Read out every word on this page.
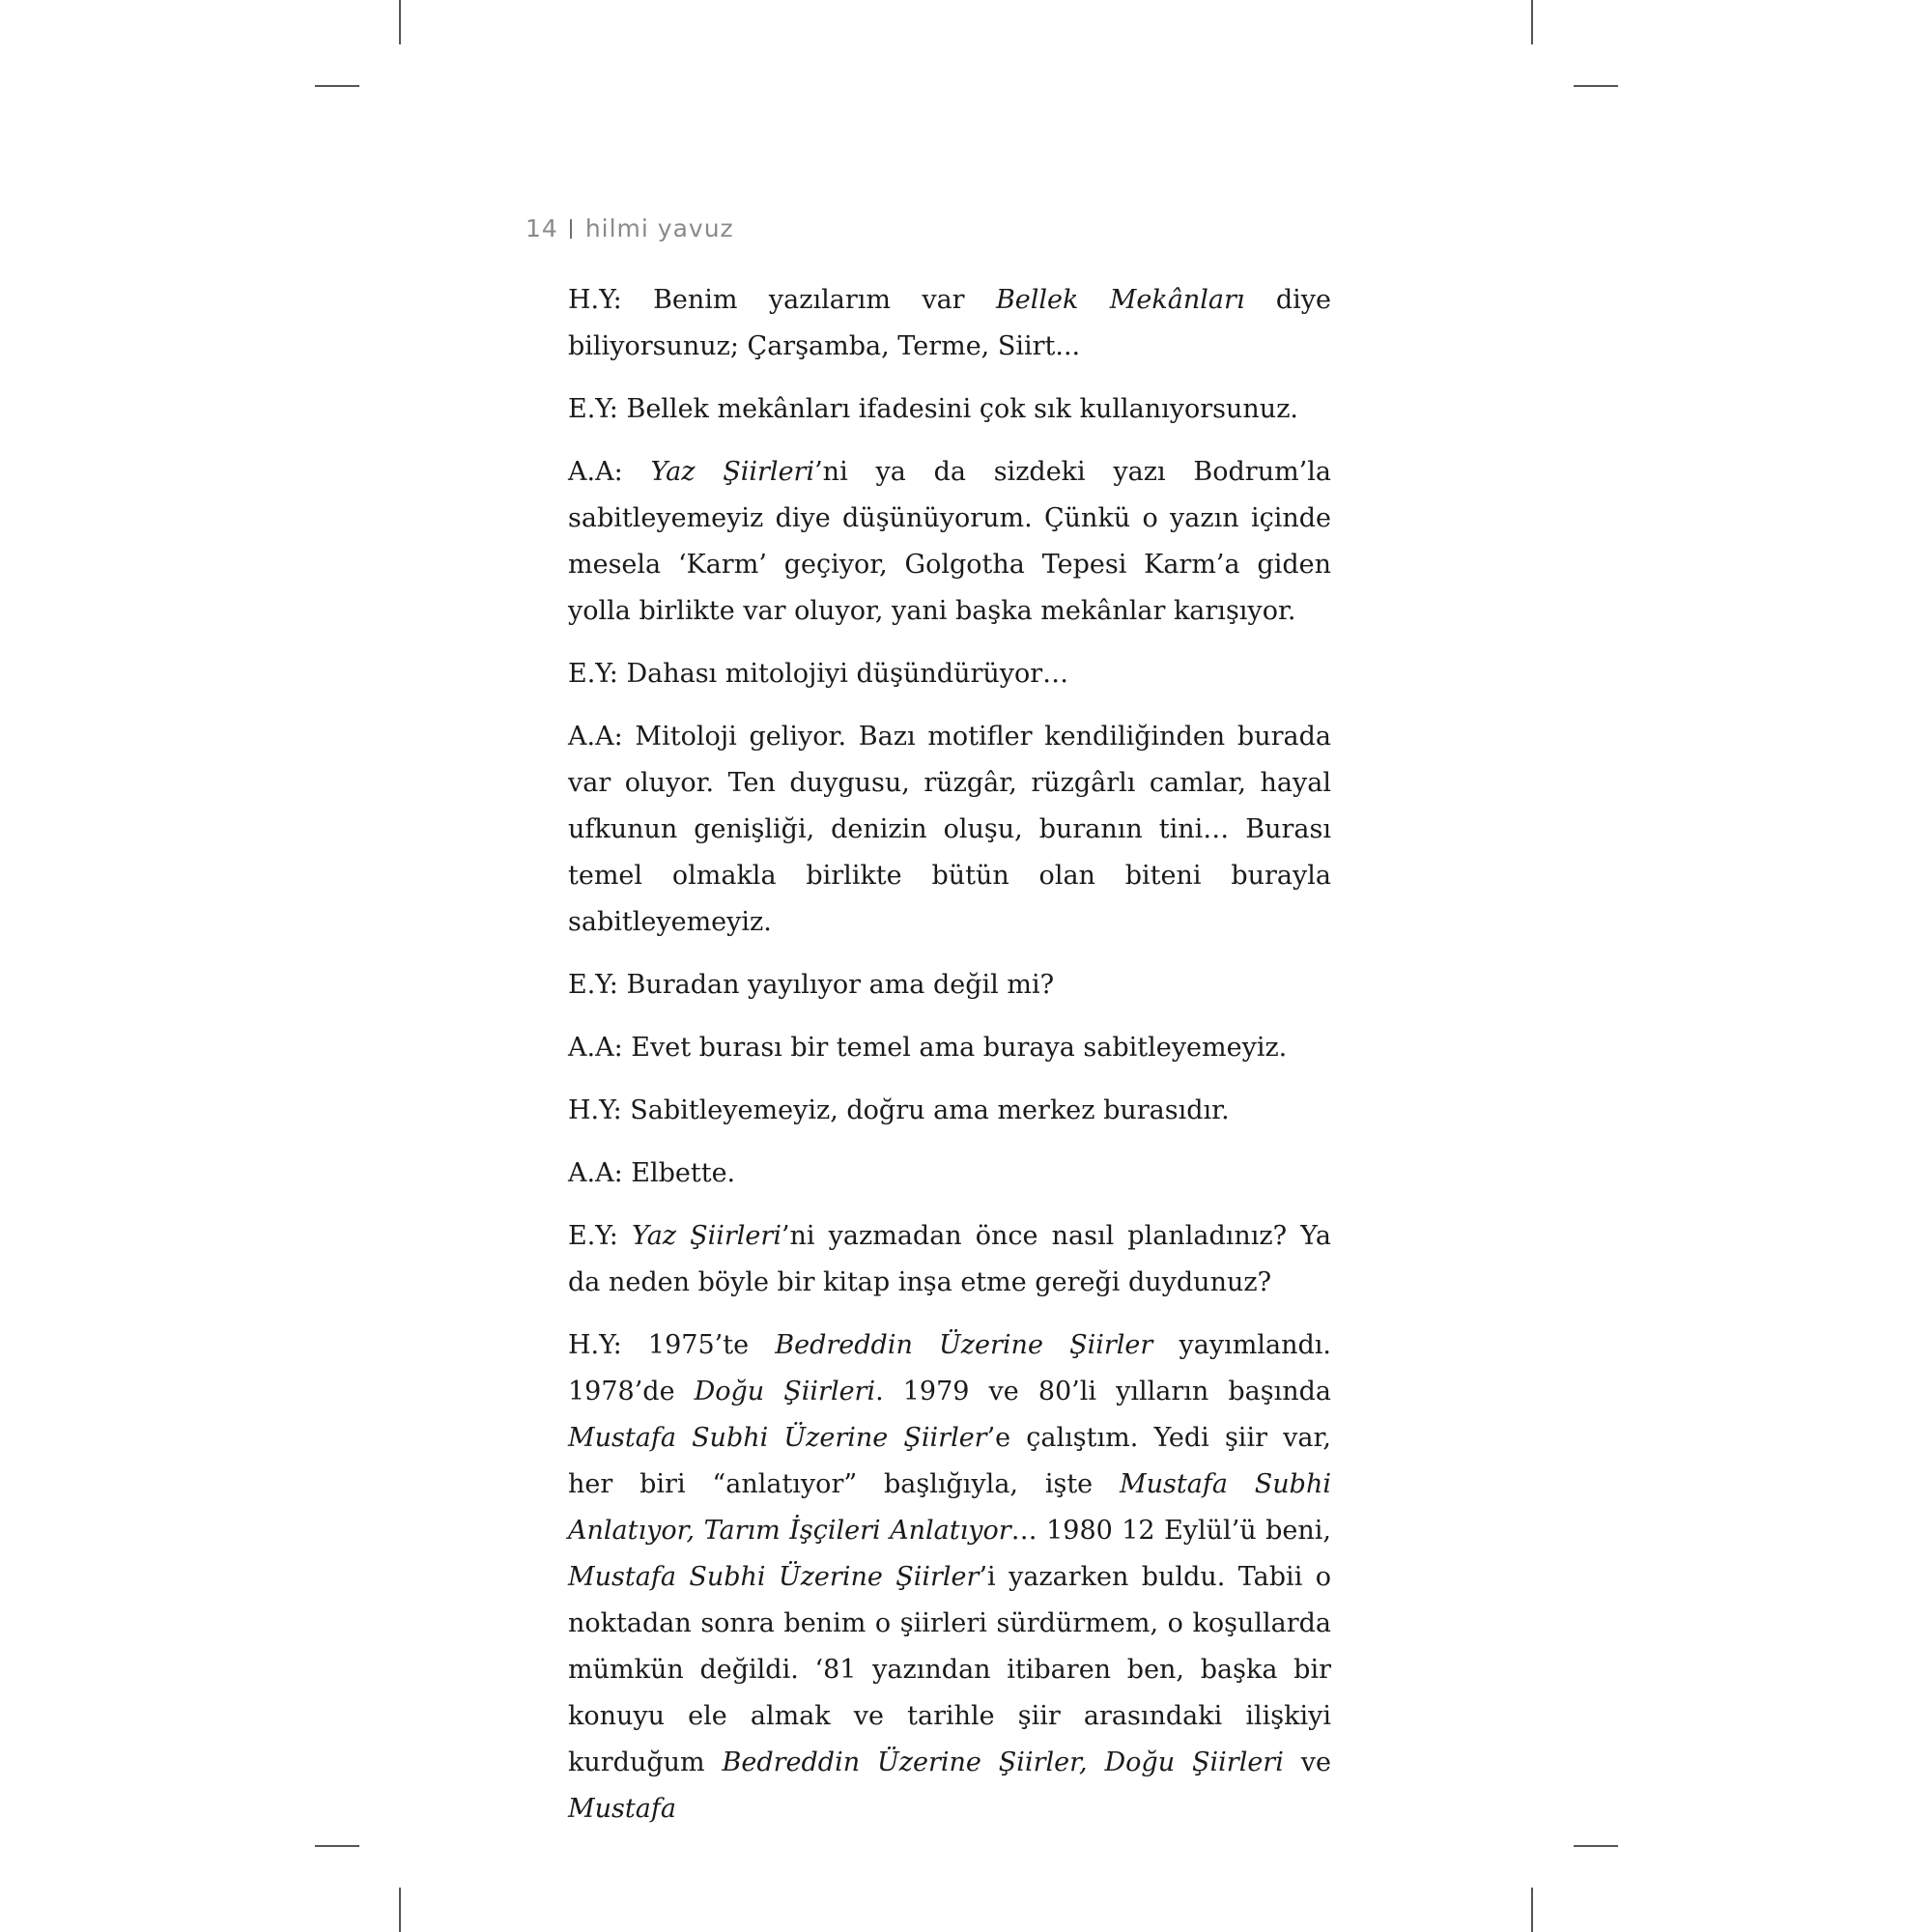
14 hilmi yavuz

H.Y: Benim yazılarım var Bellek Mekânları diye biliyorsunuz; Çarşamba, Terme, Siirt...

E.Y: Bellek mekânları ifadesini çok sık kullanıyorsunuz.

A.A: Yaz Şiirleri’ni ya da sizdeki yazı Bodrum’la sabitleyemeyiz diye düşünüyorum. Çünkü o yazın içinde mesela ‘Karm’ geçiyor, Golgotha Tepesi Karm’a giden yolla birlikte var oluyor, yani başka mekânlar karışıyor.

E.Y: Dahası mitolojiyi düşündürüyor…

A.A: Mitoloji geliyor. Bazı motifler kendiliğinden burada var oluyor. Ten duygusu, rüzgâr, rüzgârlı camlar, hayal ufkunun genişliği, denizin oluşu, buranın tini… Burası temel olmakla birlikte bütün olan biteni burayla sabitleyemeyiz.

E.Y: Buradan yayılıyor ama değil mi?

A.A: Evet burası bir temel ama buraya sabitleyemeyiz.

H.Y: Sabitleyemeyiz, doğru ama merkez burasıdır.

A.A: Elbette.

E.Y: Yaz Şiirleri’ni yazmadan önce nasıl planladınız? Ya da neden böyle bir kitap inşa etme gereği duydunuz?

H.Y: 1975’te Bedreddin Üzerine Şiirler yayımlandı. 1978’de Doğu Şiirleri. 1979 ve 80’li yılların başında Mustafa Subhi Üzerine Şiirler’e çalıştım. Yedi şiir var, her biri “anlatıyor” başlığıyla, işte Mustafa Subhi Anlatıyor, Tarım İşçileri Anlatıyor… 1980 12 Eylül’ü beni, Mustafa Subhi Üzerine Şiirler’i yazarken buldu. Tabii o noktadan sonra benim o şiirleri sürdürmem, o koşullarda mümkün değildi. ‘81 yazından itibaren ben, başka bir konuyu ele almak ve tarihle şiir arasındaki ilişkiyi kurduğum Bedreddin Üzerine Şiirler, Doğu Şiirleri ve Mustafa
